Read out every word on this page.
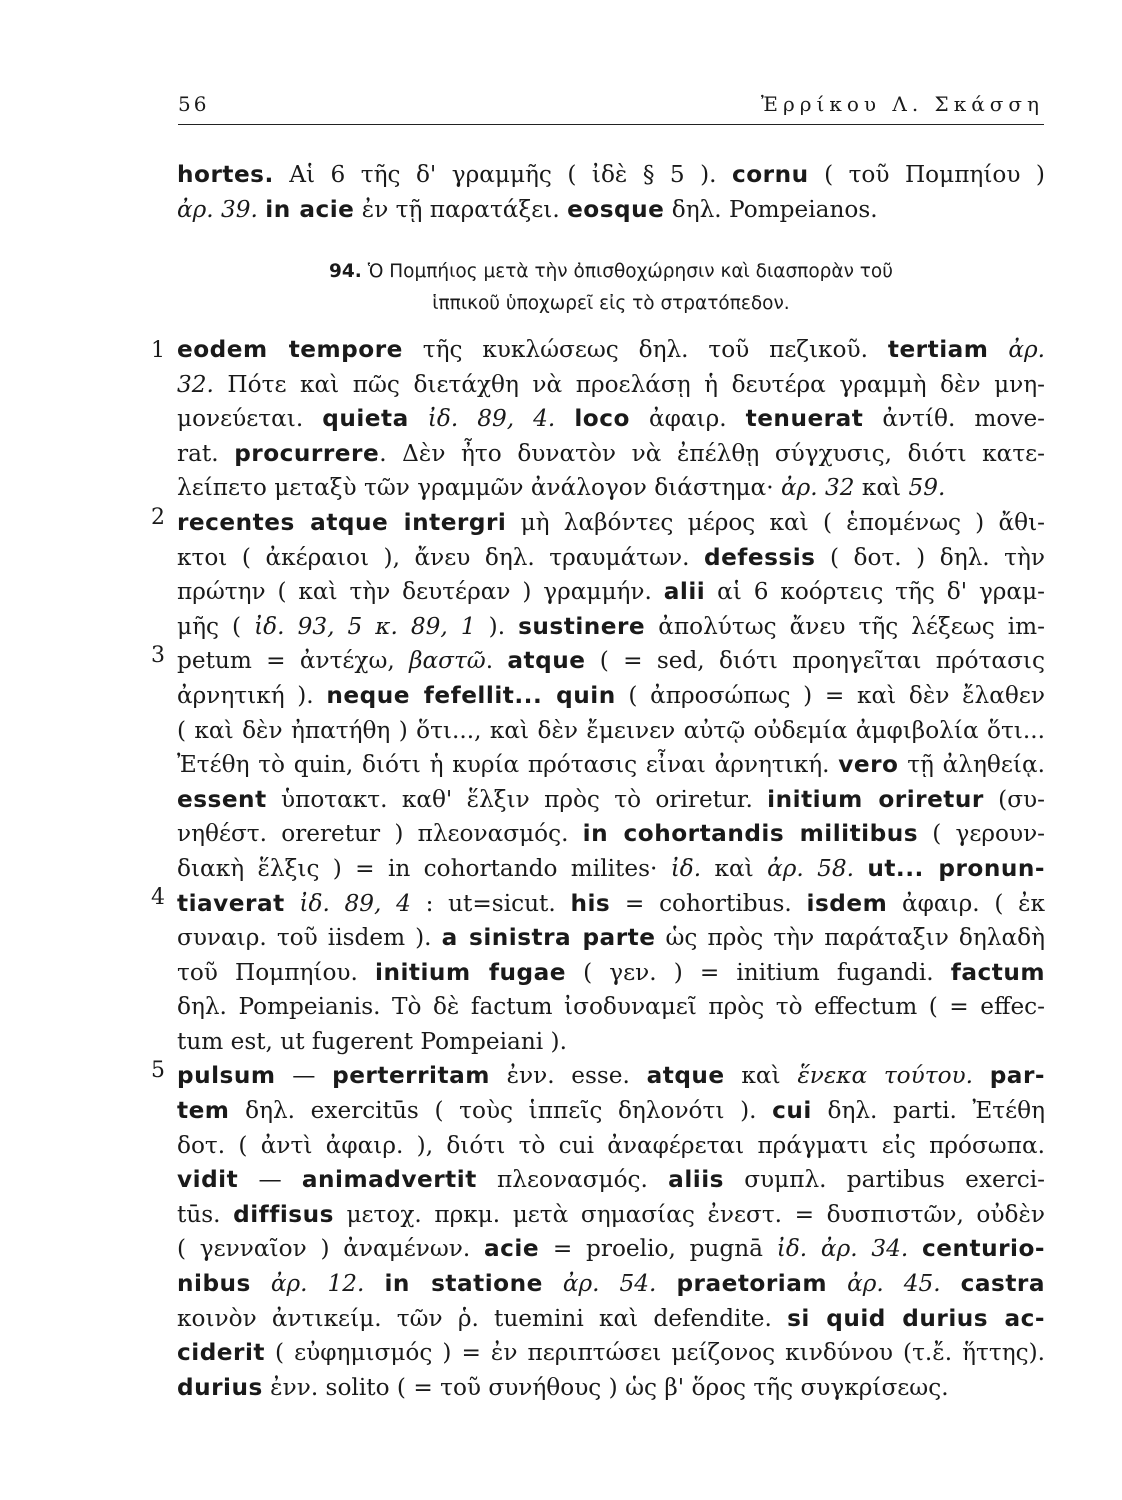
56	Ἐρρίκου Λ. Σκάσση
hortes. Αἱ 6 τῆς δ' γραμμῆς ( ἰδὲ § 5 ). cornu ( τοῦ Πομπηίου )
ἀρ. 39. in acie ἐν τῇ παρατάξει. eosque δηλ. Pompeianos.
94. Ὁ Πομπήιος μετὰ τὴν ὀπισθοχώρησιν καὶ διασπορὰν τοῦ
ἱππικοῦ ὑποχωρεῖ εἰς τὸ στρατόπεδον.
eodem tempore τῆς κυκλώσεως δηλ. τοῦ πεζικοῦ. tertiam ἀρ.
32. Πότε καὶ πῶς διετάχθη νὰ προελάσῃ ἡ δευτέρα γραμμὴ δὲν μνη-
μονεύεται. quieta ἰδ. 89, 4. loco ἀφαιρ. tenuerat ἀντίθ. move-
rat. procurrere. Δὲν ἦτο δυνατὸν νὰ ἐπέλθῃ σύγχυσις, διότι κατε-
λείπετο μεταξὺ τῶν γραμμῶν ἀνάλογον διάστημα· ἀρ. 32 καὶ 59.
recentes atque intergri μὴ λαβόντες μέρος καὶ ( ἑπομένως ) ἄθι-
κτοι ( ἀκέραιοι ), ἄνευ δηλ. τραυμάτων. defessis ( δοτ. ) δηλ. τὴν
πρώτην ( καὶ τὴν δευτέραν ) γραμμήν. alii αἱ 6 κοόρτεις τῆς δ' γραμ-
μῆς ( ἰδ. 93, 5 κ. 89, 1 ). sustinere ἀπολύτως ἄνευ τῆς λέξεως im-
petum = ἀντέχω, βαστῶ. atque ( = sed, διότι προηγεῖται πρότασις
ἀρνητική ). neque fefellit... quin ( ἀπροσώπως ) = καὶ δὲν ἔλαθεν
( καὶ δὲν ἠπατήθη ) ὅτι..., καὶ δὲν ἔμεινεν αὐτῷ οὐδεμία ἀμφιβολία ὅτι...
Ἐτέθη τὸ quin, διότι ἡ κυρία πρότασις εἶναι ἀρνητική. vero τῇ ἀληθείᾳ.
essent ὑποτακτ. καθ' ἕλξιν πρὸς τὸ oriretur. initium oriretur (συ-
νηθέστ. oreretur ) πλεονασμός. in cohortandis militibus ( γερουν-
διακὴ ἕλξις ) = in cohortando milites· ἰδ. καὶ ἀρ. 58. ut... pronun-
tiaverat ἰδ. 89, 4 : ut=sicut. his = cohortibus. isdem ἀφαιρ. ( ἐκ
συναιρ. τοῦ iisdem ). a sinistra parte ὡς πρὸς τὴν παράταξιν δηλαδὴ
τοῦ Πομπηίου. initium fugae ( γεν. ) = initium fugandi. factum
δηλ. Pompeianis. Τὸ δὲ factum ἰσοδυναμεῖ πρὸς τὸ effectum ( = effec-
tum est, ut fugerent Pompeiani ).
pulsum — perterritam ἐνν. esse. atque καὶ ἕνεκα τούτου. par-
tem δηλ. exercitūs ( τοὺς ἱππεῖς δηλονότι ). cui δηλ. parti. Ἐτέθη
δοτ. ( ἀντὶ ἀφαιρ. ), διότι τὸ cui ἀναφέρεται πράγματι εἰς πρόσωπα.
vidit — animadvertit πλεονασμός. aliis συμπλ. partibus exerci-
tūs. diffisus μετοχ. πρκμ. μετὰ σημασίας ἐνεστ. = δυσπιστῶν, οὐδὲν
( γενναῖον ) ἀναμένων. acie = proelio, pugnā ἰδ. ἀρ. 34. centurio-
nibus ἀρ. 12. in statione ἀρ. 54. praetoriam ἀρ. 45. castra
κοινὸν ἀντικείμ. τῶν ῥ. tuemini καὶ defendite. si quid durius ac-
ciderit ( εὐφημισμός ) = ἐν περιπτώσει μείζονος κινδύνου (τ.ἔ. ἥττης).
durius ἐνν. solito ( = τοῦ συνήθους ) ὡς β' ὅρος τῆς συγκρίσεως.
1
2
3
4
5
